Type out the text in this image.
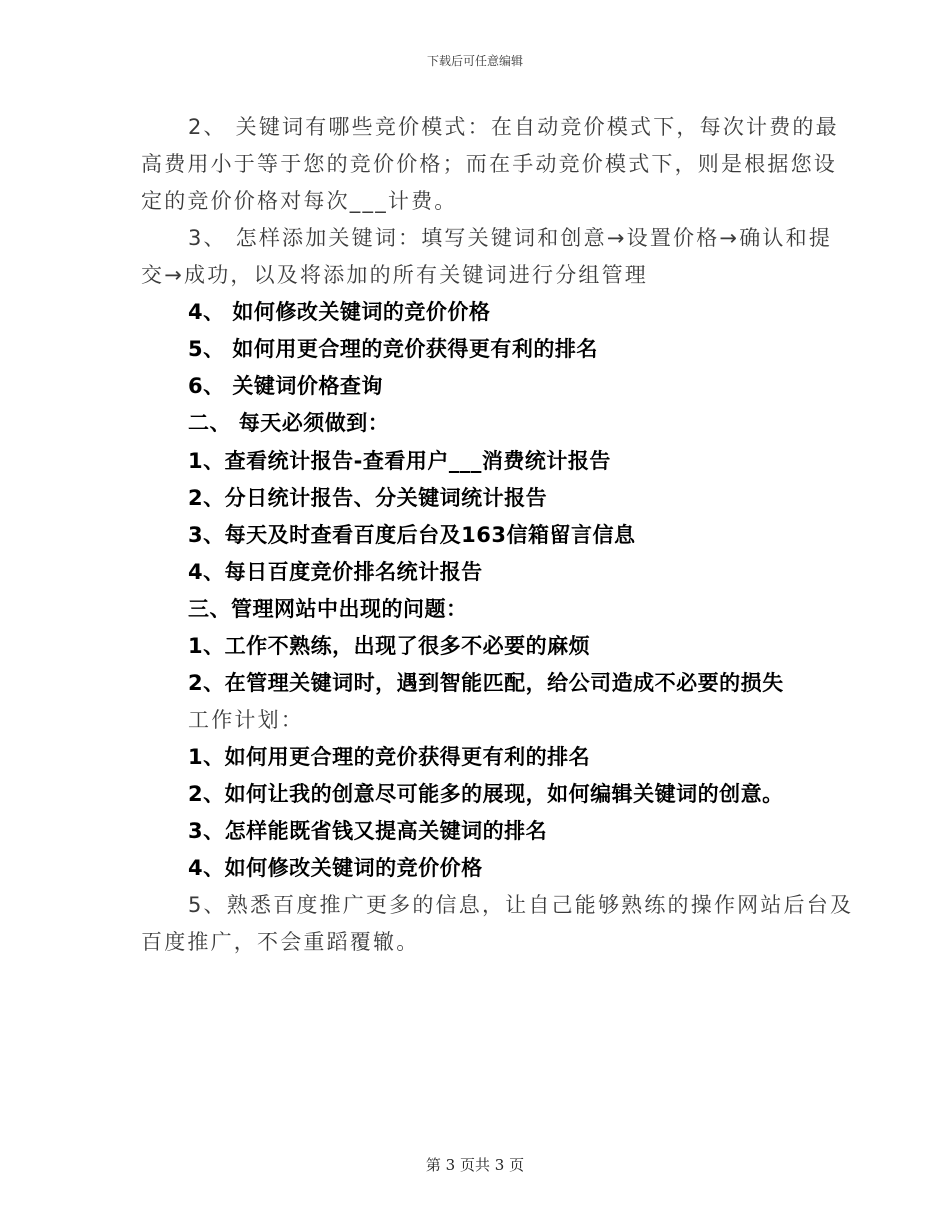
下载后可任意编辑
2、 关键词有哪些竞价模式：在自动竞价模式下，每次计费的最
高费用小于等于您的竞价价格；而在手动竞价模式下，则是根据您设
定的竞价价格对每次___计费。
3、 怎样添加关键词：填写关键词和创意→设置价格→确认和提
交→成功，以及将添加的所有关键词进行分组管理
4、 如何修改关键词的竞价价格
5、 如何用更合理的竞价获得更有利的排名
6、 关键词价格查询
二、 每天必须做到：
1、查看统计报告-查看用户___消费统计报告
2、分日统计报告、分关键词统计报告
3、每天及时查看百度后台及163信箱留言信息
4、每日百度竞价排名统计报告
三、管理网站中出现的问题：
1、工作不熟练，出现了很多不必要的麻烦
2、在管理关键词时，遇到智能匹配，给公司造成不必要的损失
工作计划：
1、如何用更合理的竞价获得更有利的排名
2、如何让我的创意尽可能多的展现，如何编辑关键词的创意。
3、怎样能既省钱又提高关键词的排名
4、如何修改关键词的竞价价格
5、熟悉百度推广更多的信息，让自己能够熟练的操作网站后台及
百度推广，不会重蹈覆辙。
第 3 页共 3 页
